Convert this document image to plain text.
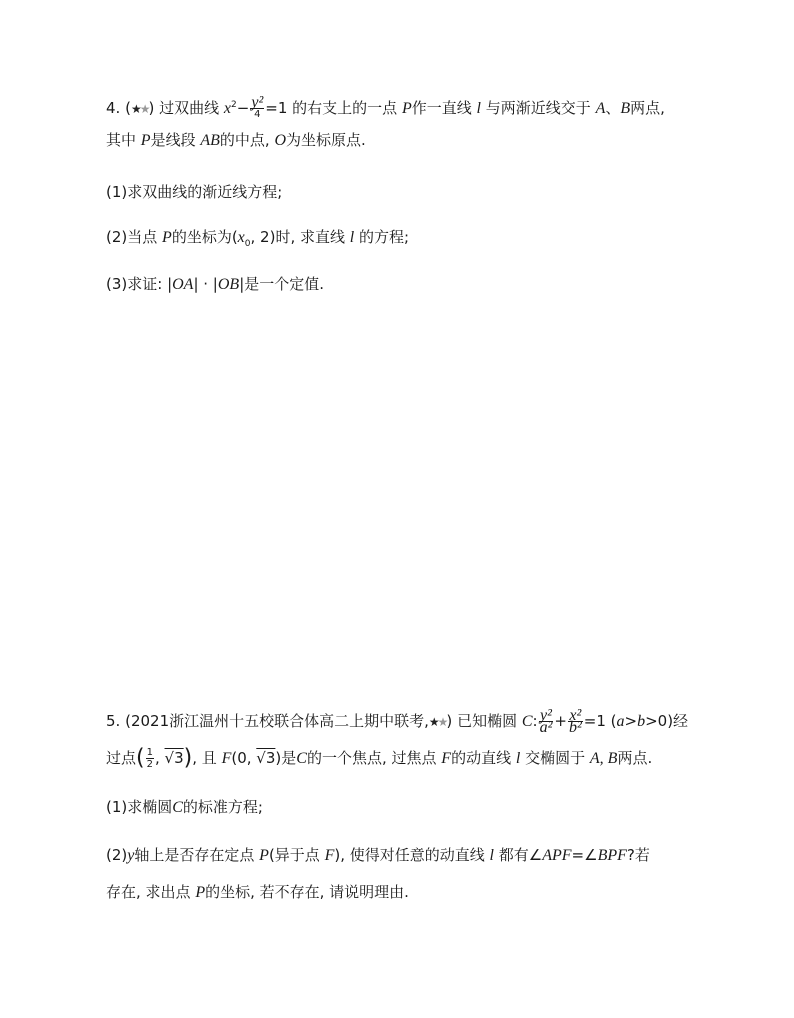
4. (★★) 过双曲线 $x^2- \frac{\text{y²}}{4} =1$ 的右支上的一点 P作一直线 l 与两渐近线交于 A、B两点,
其中 P是线段 AB的中点, O为坐标原点.
(1)求双曲线的渐近线方程;
(2)当点 P的坐标为($x_0$, 2)时, 求直线 l 的方程;
(3)求证: |OA| · |OB|是一个定值.
5. (2021浙江温州十五校联合体高二上期中联考,★★) 已知椭圆 C: $\frac{\text{y²}}{\text{a²}} + \frac{\text{x²}}{\text{b²}} =1$ (a>b>0)经
过点( $\frac{1}{2}$ , √3), 且 F(0, √3)是C的一个焦点, 过焦点 F的动直线 l 交椭圆于 A, B两点.
(1)求椭圆C的标准方程;
(2)y轴上是否存在定点 P(异于点 F), 使得对任意的动直线 l 都有∠APF=∠BPF?若
存在, 求出点 P的坐标, 若不存在, 请说明理由.
